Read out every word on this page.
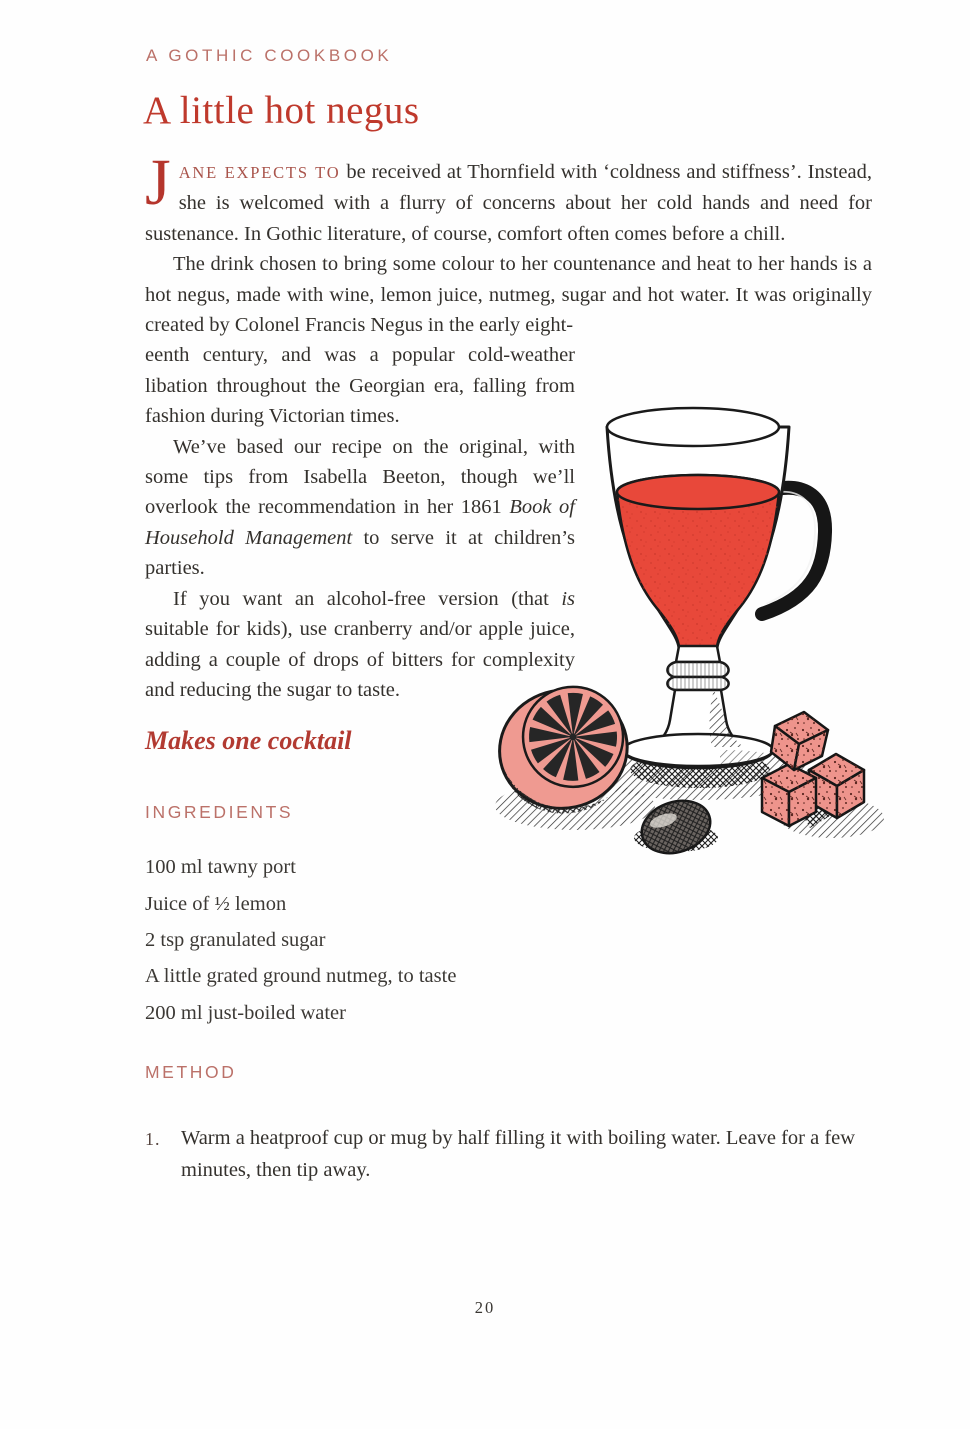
A GOTHIC COOKBOOK
A little hot negus

JANE EXPECTS TO be received at Thornfield with ‘coldness and stiffness’. Instead, she is welcomed with a flurry of concerns about her cold hands and need for sustenance. In Gothic literature, of course, comfort often comes before a chill.

The drink chosen to bring some colour to her countenance and heat to her hands is a hot negus, made with wine, lemon juice, nutmeg, sugar and hot water. It was originally created by Colonel Francis Negus in the early eight-

eenth century, and was a popular cold-weather libation throughout the Georgian era, falling from fashion during Victorian times.

We’ve based our recipe on the original, with some tips from Isabella Beeton, though we’ll overlook the recommendation in her 1861 Book of Household Management to serve it at children’s parties.

If you want an alcohol-free version (that is suitable for kids), use cranberry and/or apple juice, adding a couple of drops of bitters for complexity and reducing the sugar to taste.

Makes one cocktail
INGREDIENTS
100 ml tawny port
Juice of ½ lemon
2 tsp granulated sugar
A little grated ground nutmeg, to taste
200 ml just-boiled water
METHOD
1.	Warm a heatproof cup or mug by half filling it with boiling water. Leave for a few minutes, then tip away.
20
